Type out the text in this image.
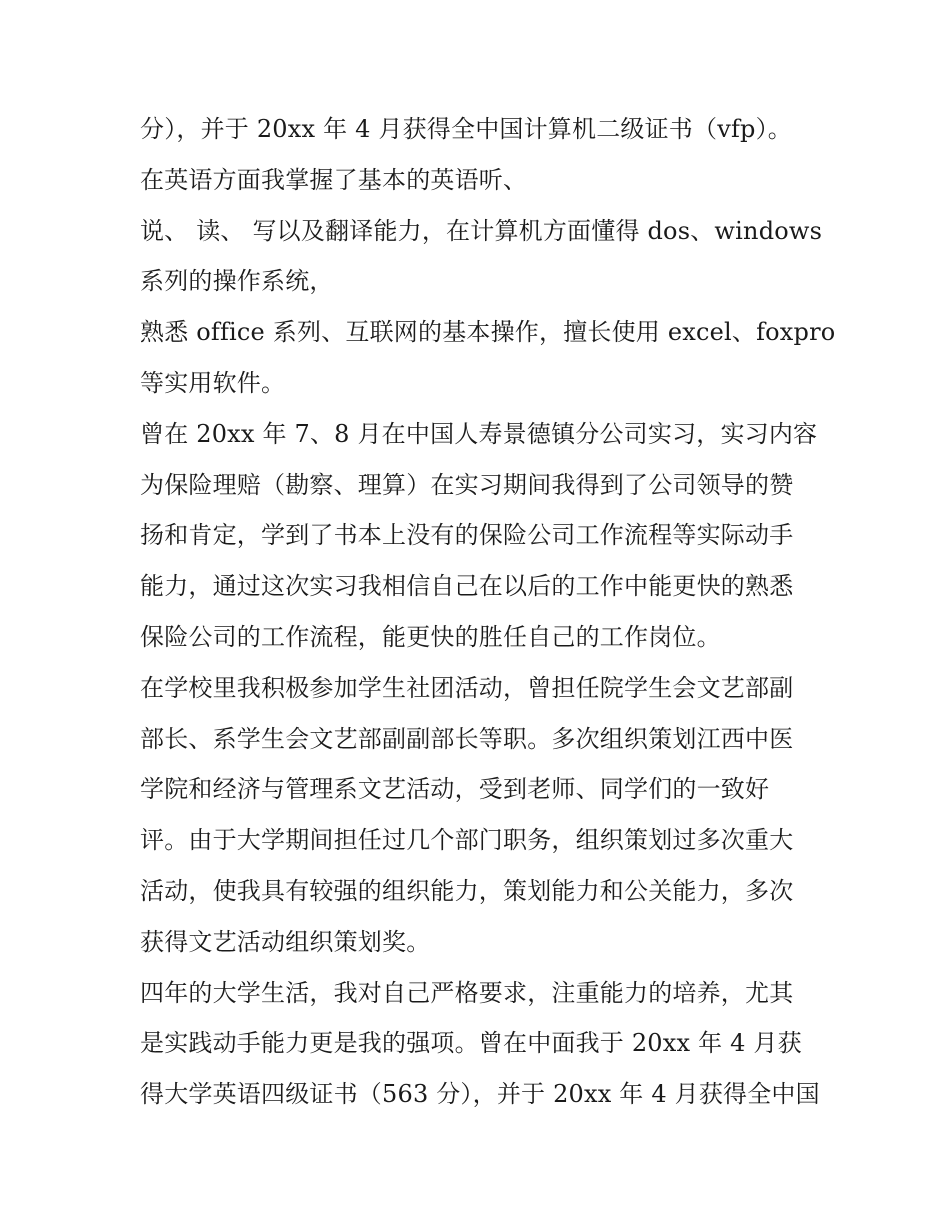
分），并于 20xx 年 4 月获得全中国计算机二级证书（vfp）。
在英语方面我掌握了基本的英语听、
说、 读、 写以及翻译能力，在计算机方面懂得 dos、windows
系列的操作系统，
熟悉 office 系列、互联网的基本操作，擅长使用 excel、foxpro
等实用软件。
曾在 20xx 年 7、8 月在中国人寿景德镇分公司实习，实习内容
为保险理赔（勘察、理算）在实习期间我得到了公司领导的赞
扬和肯定，学到了书本上没有的保险公司工作流程等实际动手
能力，通过这次实习我相信自己在以后的工作中能更快的熟悉
保险公司的工作流程，能更快的胜任自己的工作岗位。
在学校里我积极参加学生社团活动，曾担任院学生会文艺部副
部长、系学生会文艺部副副部长等职。多次组织策划江西中医
学院和经济与管理系文艺活动，受到老师、同学们的一致好
评。由于大学期间担任过几个部门职务，组织策划过多次重大
活动，使我具有较强的组织能力，策划能力和公关能力，多次
获得文艺活动组织策划奖。
四年的大学生活，我对自己严格要求，注重能力的培养，尤其
是实践动手能力更是我的强项。曾在中面我于 20xx 年 4 月获
得大学英语四级证书（563 分），并于 20xx 年 4 月获得全中国
